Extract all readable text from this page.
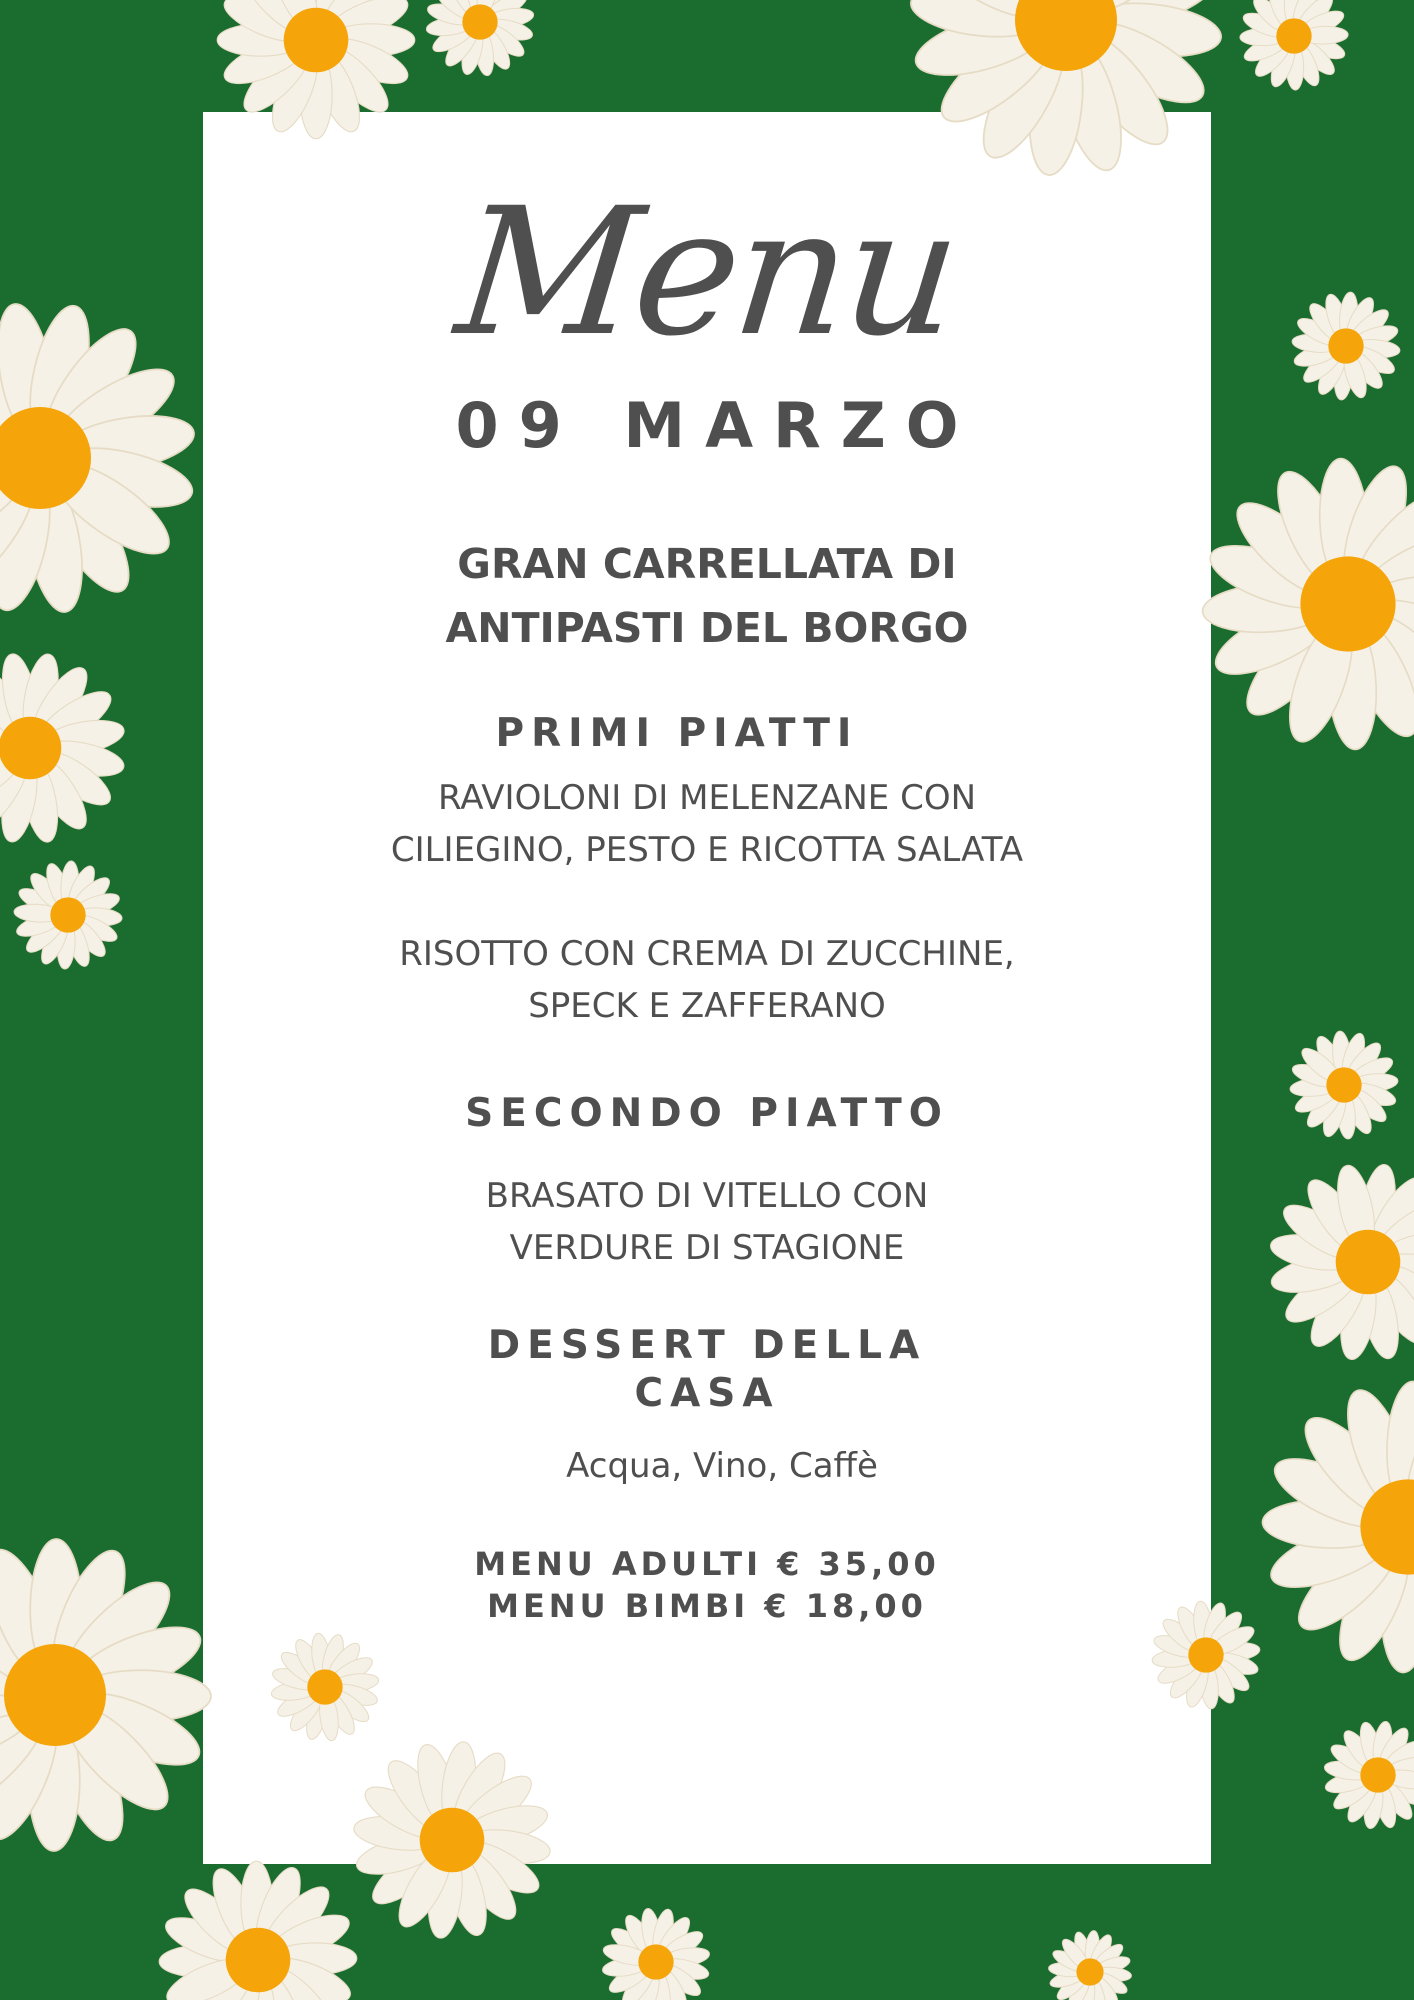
Menu
09 MARZO
GRAN CARRELLATA DI
ANTIPASTI DEL BORGO
PRIMI PIATTI
RAVIOLONI DI MELENZANE CON
CILIEGINO, PESTO E RICOTTA SALATA
RISOTTO CON CREMA DI ZUCCHINE,
SPECK E ZAFFERANO
SECONDO PIATTO
BRASATO DI VITELLO CON
VERDURE DI STAGIONE
DESSERT DELLA
CASA
Acqua, Vino, Caffè
MENU ADULTI € 35,00
MENU BIMBI € 18,00
